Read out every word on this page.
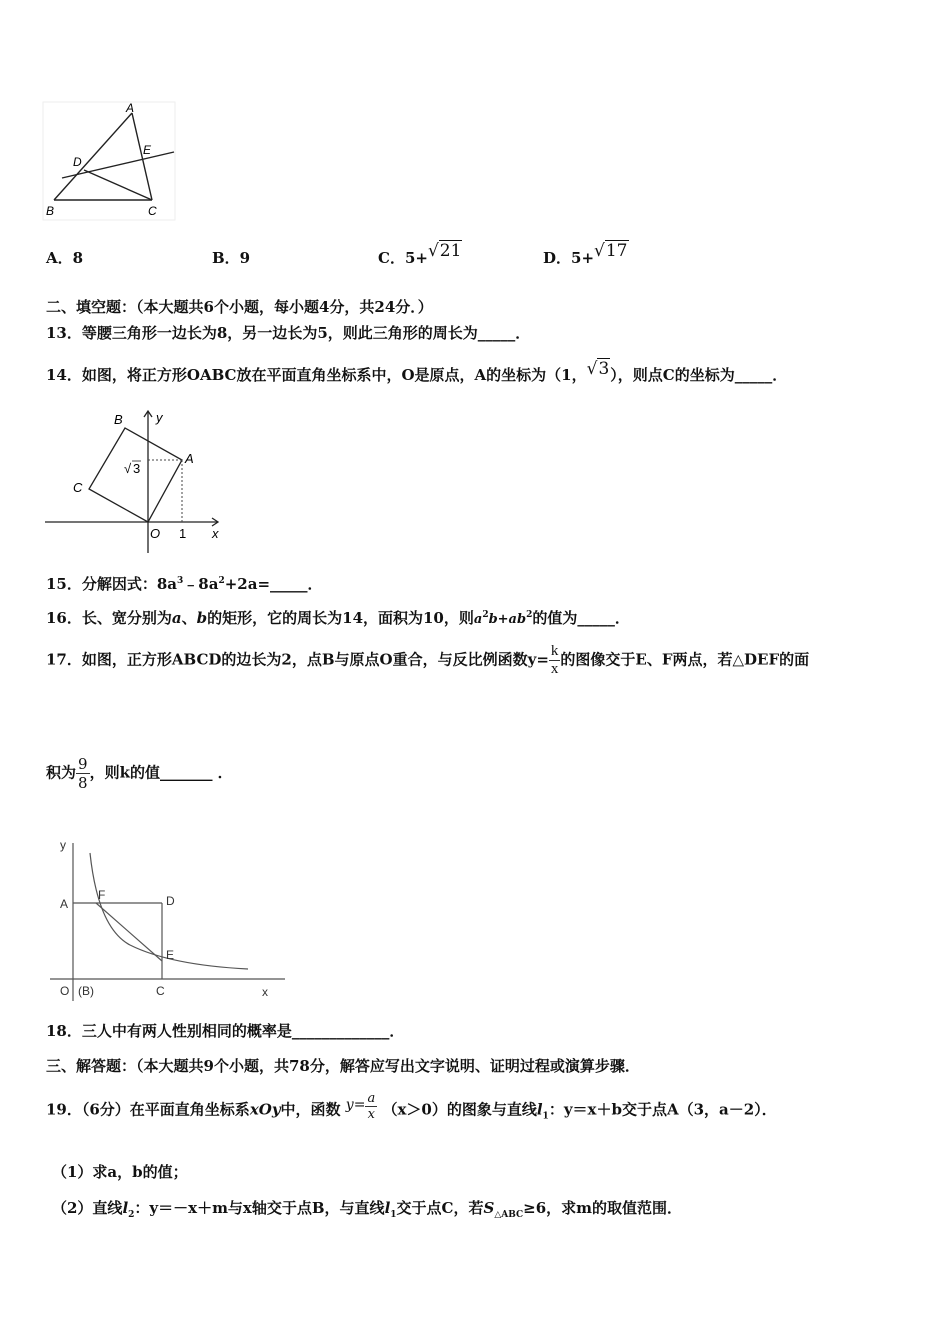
A
D
E
B	C
A．8	B．9	C．5+√21	D．5+√17
二、填空题：（本大题共6个小题，每小题4分，共24分．）
13．等腰三角形一边长为8，另一边长为5，则此三角形的周长为_____．
14．如图，将正方形OABC放在平面直角坐标系中，O是原点，A的坐标为（1，√3），则点C的坐标为_____．
B	y
A
C
√ 3
O 1 x
15．分解因式：$8a^3﹣8a^2+2a=\_\_\_\_\_$．
16．长、宽分别为a、b的矩形，它的周长为14，面积为10，则$a^2b+ab^2$的值为_____．
17．如图，正方形ABCD的边长为2，点B与原点O重合，与反比例函数$y= \frac{k}{x}$ 的图像交于E、F两点，若△DEF的面
积为 $\frac{9}{8}$ ，则k的值_______ ．
y
A
F	D
E
O (B)	C	x
18．三人中有两人性别相同的概率是_____________．
三、解答题：（本大题共9个小题，共78分，解答应写出文字说明、证明过程或演算步骤．
19．（6分）在平面直角坐标系xOy中，函数 $y= \frac{a}{x} (x>0)$的图象与直线$l_1$：y＝x＋b交于点A（3，a－2）．
（1）求a，b的值；
（2）直线$l_2$：y＝－x＋m与x轴交于点B，与直线$l_1$交于点C，若$S_{\triangle ABC}\ge 6$，求m的取值范围．
